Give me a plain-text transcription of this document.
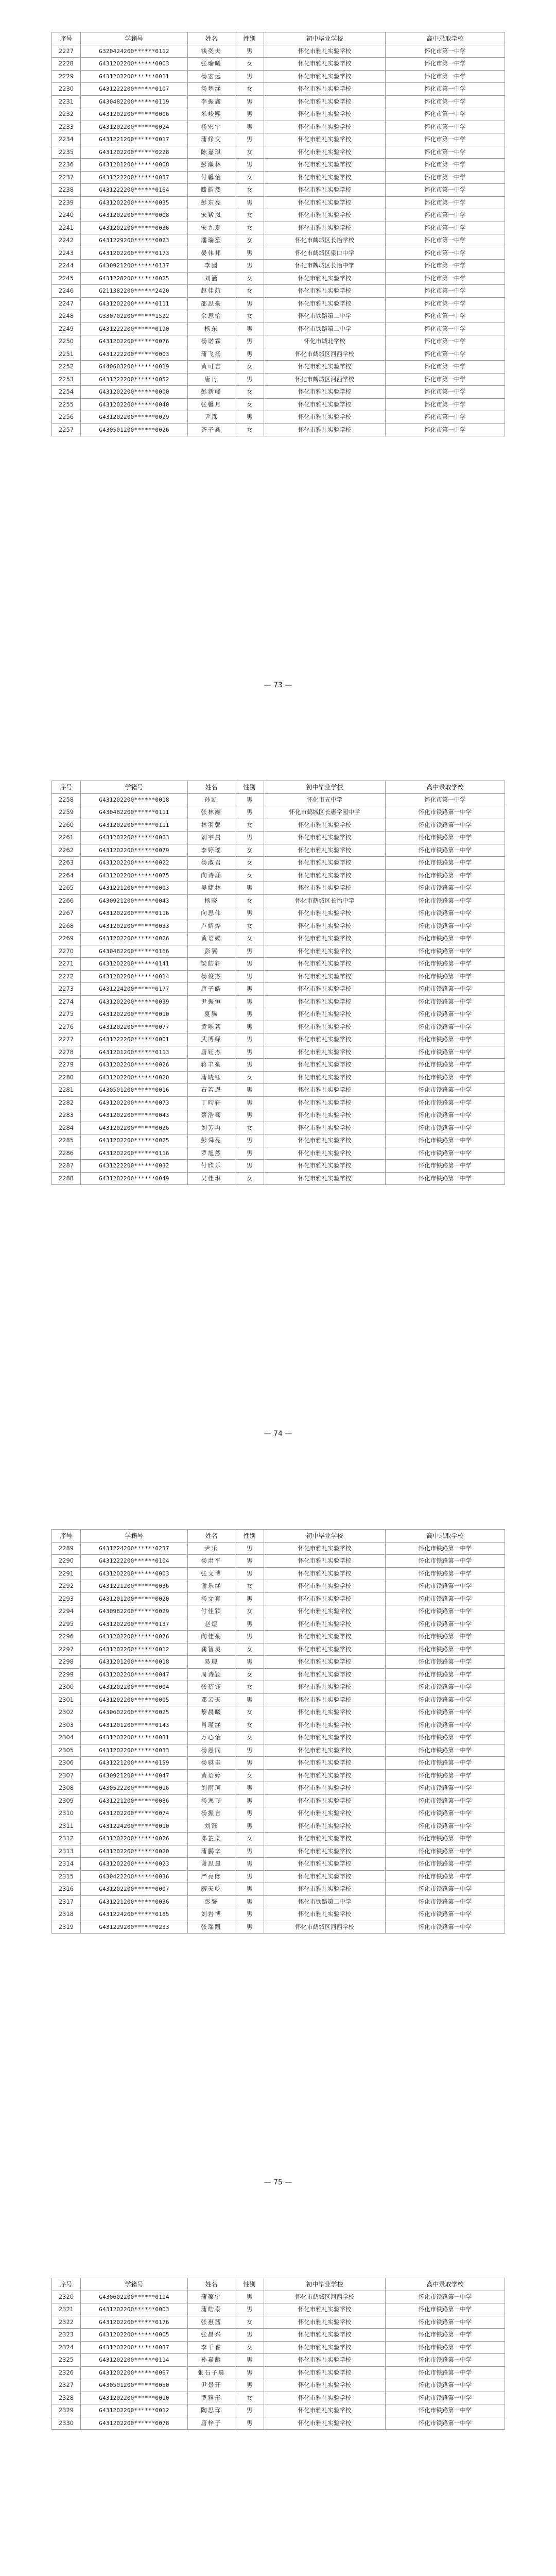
序号	学籍号	姓名	性别	初中毕业学校	高中录取学校
2227	G320424200******0112	钱奕夫	男	怀化市雅礼实验学校	怀化市第一中学
2228	G431202200******0003	张瑞曦	女	怀化市雅礼实验学校	怀化市第一中学
2229	G431202200******0011	杨宏远	男	怀化市雅礼实验学校	怀化市第一中学
2230	G431222200******0107	汤梦涵	女	怀化市雅礼实验学校	怀化市第一中学
2231	G430482200******0119	李振鑫	男	怀化市雅礼实验学校	怀化市第一中学
2232	G431202200******0006	米峻熙	男	怀化市雅礼实验学校	怀化市第一中学
2233	G431202200******0024	杨宏宇	男	怀化市雅礼实验学校	怀化市第一中学
2234	G431221200******0017	蒲修文	男	怀化市雅礼实验学校	怀化市第一中学
2235	G431202200******0228	陈嘉琪	女	怀化市雅礼实验学校	怀化市第一中学
2236	G431201200******0008	彭瀚林	男	怀化市雅礼实验学校	怀化市第一中学
2237	G431222200******0037	付馨怡	女	怀化市雅礼实验学校	怀化市第一中学
2238	G431222200******0164	滕皓然	女	怀化市雅礼实验学校	怀化市第一中学
2239	G431202200******0035	彭东亮	男	怀化市雅礼实验学校	怀化市第一中学
2240	G431202200******0008	宋紫岚	女	怀化市雅礼实验学校	怀化市第一中学
2241	G431202200******0036	宋九夏	女	怀化市雅礼实验学校	怀化市第一中学
2242	G431229200******0023	潘瑞笙	女	怀化市鹤城区长怡学校	怀化市第一中学
2243	G431202200******0173	晏伟邦	男	怀化市鹤城区泉口中学	怀化市第一中学
2244	G430921200******0137	李园	男	怀化市鹤城区长怡中学	怀化市第一中学
2245	G431228200******0025	刘涵	女	怀化市雅礼实验学校	怀化市第一中学
2246	G211382200******2420	赵佳航	女	怀化市雅礼实验学校	怀化市第一中学
2247	G431202200******0111	邵思豪	男	怀化市雅礼实验学校	怀化市第一中学
2248	G330702200******1522	余思怡	女	怀化市铁路第二中学	怀化市第一中学
2249	G431222200******0190	杨东	男	怀化市铁路第二中学	怀化市第一中学
2250	G431202200******0076	杨诺霖	男	怀化市城北学校	怀化市第一中学
2251	G431222200******0003	蒲飞扬	男	怀化市鹤城区河西学校	怀化市第一中学
2252	G440603200******0019	黄可言	女	怀化市雅礼实验学校	怀化市第一中学
2253	G431222200******0052	唐丹	男	怀化市鹤城区河西学校	怀化市第一中学
2254	G431202200******0000	彭新峰	女	怀化市雅礼实验学校	怀化市第一中学
2255	G431202200******0040	张馨月	女	怀化市雅礼实验学校	怀化市第一中学
2256	G431202200******0029	尹森	男	怀化市雅礼实验学校	怀化市第一中学
2257	G430501200******0026	齐子鑫	女	怀化市雅礼实验学校	怀化市第一中学
— 73 —
序号	学籍号	姓名	性别	初中毕业学校	高中录取学校
2258	G431202200******0018	孙凯	男	怀化市五中学	怀化市第一中学
2259	G430482200******0111	张林瀚	男	怀化市鹤城区长惠学园中学	怀化市铁路第一中学
2260	G431202200******0111	林羽馨	女	怀化市雅礼实验学校	怀化市铁路第一中学
2261	G431202200******0063	刘宇晨	男	怀化市雅礼实验学校	怀化市铁路第一中学
2262	G431202200******0079	李婷瑶	女	怀化市雅礼实验学校	怀化市铁路第一中学
2263	G431202200******0022	杨淑君	女	怀化市雅礼实验学校	怀化市铁路第一中学
2264	G431202200******0075	向诗涵	女	怀化市雅礼实验学校	怀化市铁路第一中学
2265	G431221200******0003	吴婕林	男	怀化市雅礼实验学校	怀化市铁路第一中学
2266	G430921200******0043	杨晓	女	怀化市鹤城区长怡中学	怀化市铁路第一中学
2267	G431202200******0116	向思伟	男	怀化市雅礼实验学校	怀化市铁路第一中学
2268	G431202200******0033	卢婧烨	女	怀化市雅礼实验学校	怀化市铁路第一中学
2269	G431202200******0026	黄语嫣	女	怀化市雅礼实验学校	怀化市铁路第一中学
2270	G430482200******0166	彭翼	男	怀化市雅礼实验学校	怀化市铁路第一中学
2271	G431202200******0141	梁皓轩	男	怀化市雅礼实验学校	怀化市铁路第一中学
2272	G431202200******0014	杨俊杰	男	怀化市雅礼实验学校	怀化市铁路第一中学
2273	G431224200******0177	唐子皓	男	怀化市雅礼实验学校	怀化市铁路第一中学
2274	G431202200******0039	尹振恒	男	怀化市雅礼实验学校	怀化市铁路第一中学
2275	G431202200******0010	夏腾	男	怀化市雅礼实验学校	怀化市铁路第一中学
2276	G431202200******0077	黄唯茗	男	怀化市雅礼实验学校	怀化市铁路第一中学
2277	G431222200******0001	武博绎	男	怀化市雅礼实验学校	怀化市铁路第一中学
2278	G431201200******0113	唐钰杰	男	怀化市雅礼实验学校	怀化市铁路第一中学
2279	G431202200******0026	蒋丰豪	男	怀化市雅礼实验学校	怀化市铁路第一中学
2280	G431202200******0020	蒲晓钰	女	怀化市雅礼实验学校	怀化市铁路第一中学
2281	G430501200******0016	石若恩	男	怀化市雅礼实验学校	怀化市铁路第一中学
2282	G431202200******0073	丁昀轩	男	怀化市雅礼实验学校	怀化市铁路第一中学
2283	G431202200******0043	蔡浩骞	男	怀化市雅礼实验学校	怀化市铁路第一中学
2284	G431202200******0026	刘芳冉	女	怀化市雅礼实验学校	怀化市铁路第一中学
2285	G431202200******0025	彭舜亮	男	怀化市雅礼实验学校	怀化市铁路第一中学
2286	G431202200******0116	罗旭然	男	怀化市雅礼实验学校	怀化市铁路第一中学
2287	G431222200******0032	付欣乐	男	怀化市雅礼实验学校	怀化市铁路第一中学
2288	G431202200******0049	吴佳琳	女	怀化市雅礼实验学校	怀化市铁路第一中学
— 74 —
序号	学籍号	姓名	性别	初中毕业学校	高中录取学校
2289	G431224200******0237	尹乐	男	怀化市雅礼实验学校	怀化市铁路第一中学
2290	G431222200******0104	杨肃平	男	怀化市雅礼实验学校	怀化市铁路第一中学
2291	G431202200******0003	张文博	男	怀化市雅礼实验学校	怀化市铁路第一中学
2292	G431221200******0036	谢乐涵	女	怀化市雅礼实验学校	怀化市铁路第一中学
2293	G431201200******0020	杨文真	男	怀化市雅礼实验学校	怀化市铁路第一中学
2294	G430982200******0029	付佳颖	女	怀化市雅礼实验学校	怀化市铁路第一中学
2295	G431202200******0137	赵煜	男	怀化市雅礼实验学校	怀化市铁路第一中学
2296	G431202200******0076	向佳豪	男	怀化市雅礼实验学校	怀化市铁路第一中学
2297	G431202200******0012	龚智灵	女	怀化市雅礼实验学校	怀化市铁路第一中学
2298	G431201200******0018	易瑰	男	怀化市雅礼实验学校	怀化市铁路第一中学
2299	G431202200******0047	周诗颖	女	怀化市雅礼实验学校	怀化市铁路第一中学
2300	G431202200******0004	张蓓钰	女	怀化市雅礼实验学校	怀化市铁路第一中学
2301	G431202200******0005	邓云天	男	怀化市雅礼实验学校	怀化市铁路第一中学
2302	G430602200******0025	黎晨曦	女	怀化市雅礼实验学校	怀化市铁路第一中学
2303	G431201200******0143	肖瑾涵	女	怀化市雅礼实验学校	怀化市铁路第一中学
2304	G431202200******0031	万心怡	女	怀化市雅礼实验学校	怀化市铁路第一中学
2305	G431202200******0033	杨恩同	男	怀化市雅礼实验学校	怀化市铁路第一中学
2306	G431221200******0159	杨骐圭	男	怀化市雅礼实验学校	怀化市铁路第一中学
2307	G430921200******0047	黄语婷	女	怀化市雅礼实验学校	怀化市铁路第一中学
2308	G430522200******0016	刘雨珂	男	怀化市雅礼实验学校	怀化市铁路第一中学
2309	G431221200******0086	杨逸飞	男	怀化市雅礼实验学校	怀化市铁路第一中学
2310	G431202200******0074	杨振言	男	怀化市雅礼实验学校	怀化市铁路第一中学
2311	G431224200******0010	刘钰	男	怀化市雅礼实验学校	怀化市铁路第一中学
2312	G431202200******0026	邓芷柔	女	怀化市雅礼实验学校	怀化市铁路第一中学
2313	G431202200******0020	蒲鹏辛	男	怀化市雅礼实验学校	怀化市铁路第一中学
2314	G431202200******0023	谢思晨	男	怀化市雅礼实验学校	怀化市铁路第一中学
2315	G430422200******0036	严亮熙	男	怀化市雅礼实验学校	怀化市铁路第一中学
2316	G431202200******0007	廖天屹	男	怀化市雅礼实验学校	怀化市铁路第一中学
2317	G431221200******0036	彭馨	男	怀化市铁路第二中学	怀化市铁路第一中学
2318	G431224200******0185	刘岩博	男	怀化市雅礼实验学校	怀化市铁路第一中学
2319	G431229200******0233	张瑞凯	男	怀化市鹤城区河西学校	怀化市铁路第一中学
— 75 —
序号	学籍号	姓名	性别	初中毕业学校	高中录取学校
2320	G430602200******0114	蒲葆宇	男	怀化市鹤城区河西学校	怀化市铁路第一中学
2321	G431202200******0003	蒲皓泰	男	怀化市雅礼实验学校	怀化市铁路第一中学
2322	G431202200******0176	张惠茜	女	怀化市雅礼实验学校	怀化市铁路第一中学
2323	G431202200******0005	张昌兴	男	怀化市雅礼实验学校	怀化市铁路第一中学
2324	G431202200******0037	李千睿	女	怀化市雅礼实验学校	怀化市铁路第一中学
2325	G431202200******0114	孙嘉龄	男	怀化市雅礼实验学校	怀化市铁路第一中学
2326	G431202200******0067	张石子晨	男	怀化市雅礼实验学校	怀化市铁路第一中学
2327	G430501200******0050	尹景开	男	怀化市雅礼实验学校	怀化市铁路第一中学
2328	G431202200******0010	罗雅彤	女	怀化市雅礼实验学校	怀化市铁路第一中学
2329	G431202200******0012	陶思琛	男	怀化市雅礼实验学校	怀化市铁路第一中学
2330	G431202200******0078	唐梓子	男	怀化市雅礼实验学校	怀化市铁路第一中学
